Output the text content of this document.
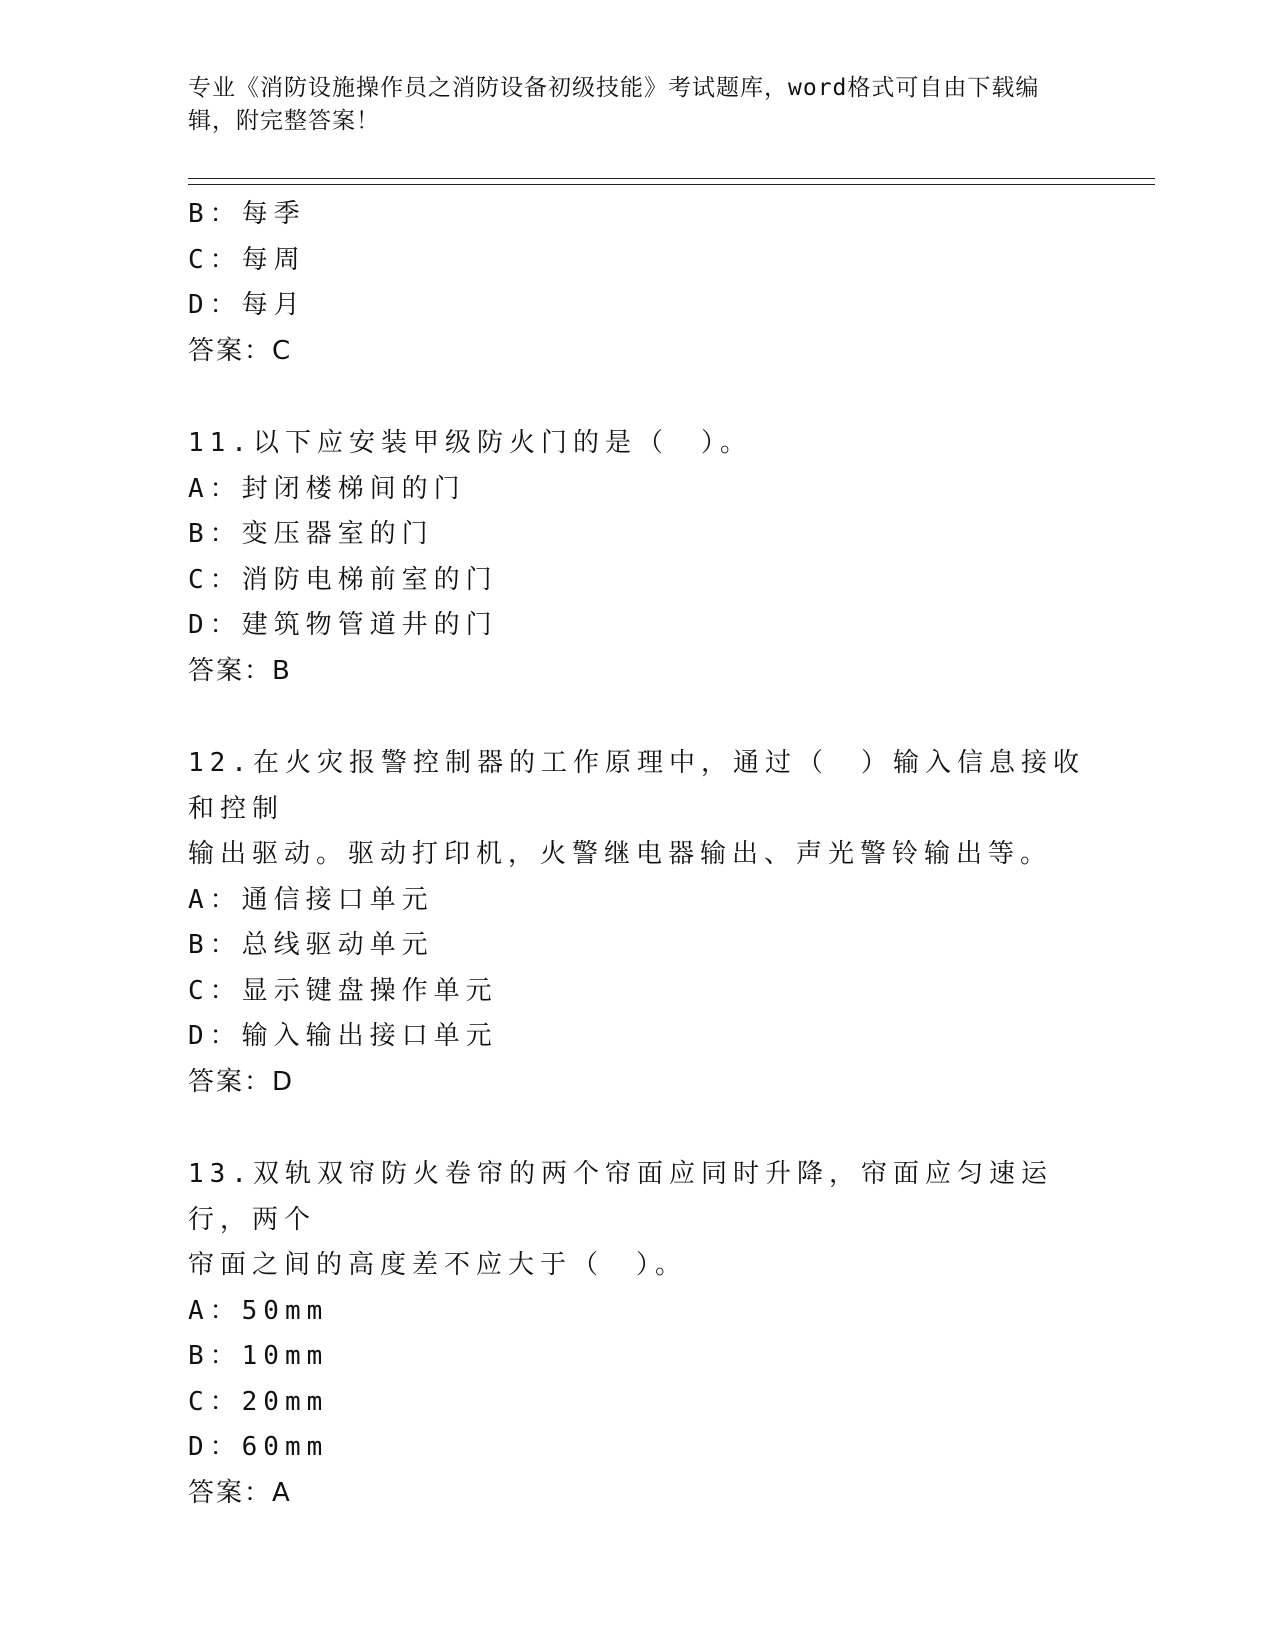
专业《消防设施操作员之消防设备初级技能》考试题库，word格式可自由下载编
辑，附完整答案！
B：每季
C：每周
D：每月
答案：C
11.以下应安装甲级防火门的是（　）。
A：封闭楼梯间的门
B：变压器室的门
C：消防电梯前室的门
D：建筑物管道井的门
答案：B
12.在火灾报警控制器的工作原理中，通过（　）输入信息接收和控制
输出驱动。驱动打印机，火警继电器输出、声光警铃输出等。
A：通信接口单元
B：总线驱动单元
C：显示键盘操作单元
D：输入输出接口单元
答案：D
13.双轨双帘防火卷帘的两个帘面应同时升降，帘面应匀速运行，两个
帘面之间的高度差不应大于（　）。
A：50mm
B：10mm
C：20mm
D：60mm
答案：A
